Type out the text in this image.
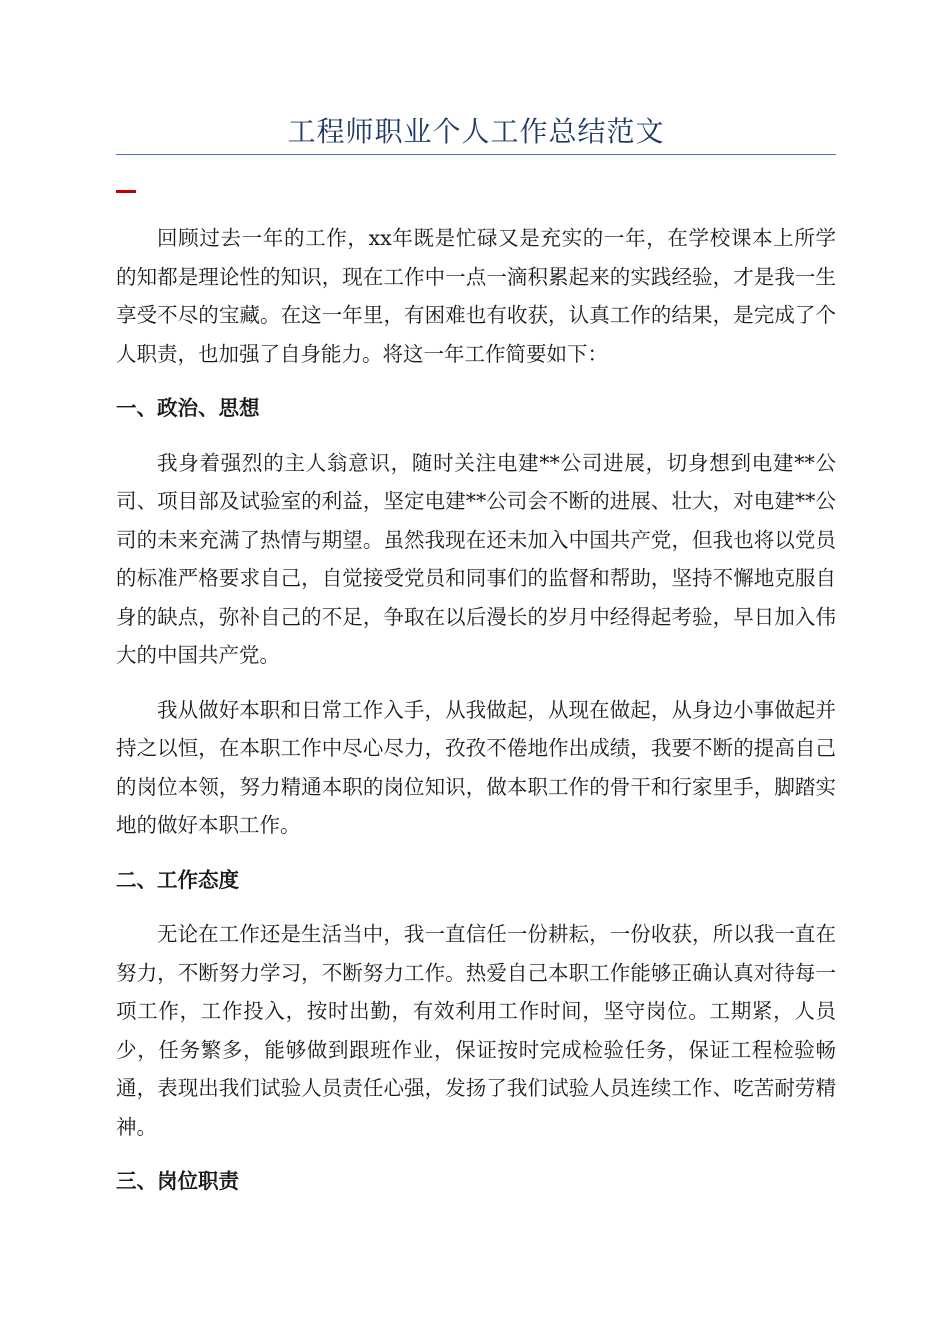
工程师职业个人工作总结范文

回顾过去一年的工作，xx年既是忙碌又是充实的一年，在学校课本上所学的知都是理论性的知识，现在工作中一点一滴积累起来的实践经验，才是我一生享受不尽的宝藏。在这一年里，有困难也有收获，认真工作的结果，是完成了个人职责，也加强了自身能力。将这一年工作简要如下：

一、政治、思想

我身着强烈的主人翁意识，随时关注电建**公司进展，切身想到电建**公司、项目部及试验室的利益，坚定电建**公司会不断的进展、壮大，对电建**公司的未来充满了热情与期望。虽然我现在还未加入中国共产党，但我也将以党员的标准严格要求自己，自觉接受党员和同事们的监督和帮助，坚持不懈地克服自身的缺点，弥补自己的不足，争取在以后漫长的岁月中经得起考验，早日加入伟大的中国共产党。

我从做好本职和日常工作入手，从我做起，从现在做起，从身边小事做起并持之以恒，在本职工作中尽心尽力，孜孜不倦地作出成绩，我要不断的提高自己的岗位本领，努力精通本职的岗位知识，做本职工作的骨干和行家里手，脚踏实地的做好本职工作。

二、工作态度

无论在工作还是生活当中，我一直信任一份耕耘，一份收获，所以我一直在努力，不断努力学习，不断努力工作。热爱自己本职工作能够正确认真对待每一项工作，工作投入，按时出勤，有效利用工作时间，坚守岗位。工期紧，人员少，任务繁多，能够做到跟班作业，保证按时完成检验任务，保证工程检验畅通，表现出我们试验人员责任心强，发扬了我们试验人员连续工作、吃苦耐劳精神。

三、岗位职责
